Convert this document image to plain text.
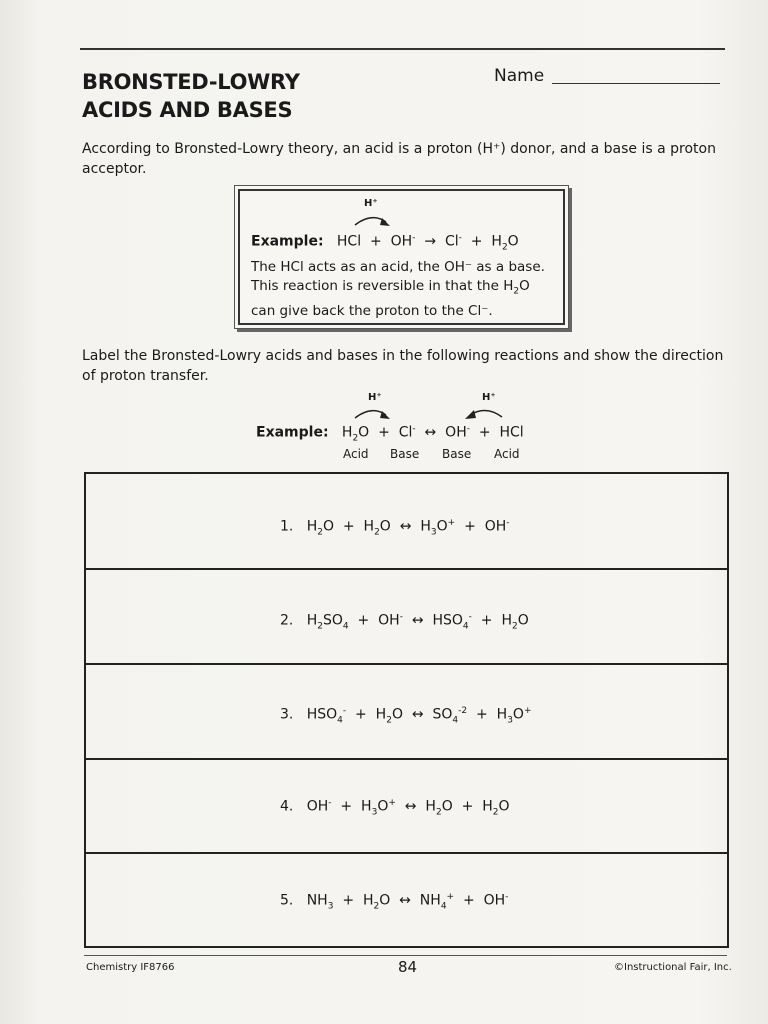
BRONSTED-LOWRY
ACIDS AND BASES
Name
According to Bronsted-Lowry theory, an acid is a proton (H⁺) donor, and a base is a proton acceptor.
H⁺
Example:   HCl  +  $OH^- \to Cl^- + H_2O$
The HCl acts as an acid, the OH⁻ as a base.
This reaction is reversible in that the $H_2O$
can give back the proton to the Cl⁻.
Label the Bronsted-Lowry acids and bases in the following reactions and show the direction of proton transfer.
H⁺	H⁺
Example:   $H_2O + Cl^-$  ↔  OH-  +  HCl
Acid Base Base Acid
1.   $H_2O + H_2O$  ↔  $H_3O^+ + OH^-$
2.   $H_2SO_4 + OH^-$  ↔  $HSO_4^- + H_2O$
3.   $HSO_4^- + H_2O$  ↔  $SO_4^{-2} + H_3O^+$
4.   $OH^- + H_3O^+$  ↔  $H_2O + H_2O$
5.   $NH_3 + H_2O$  ↔  $NH_4^+ + OH^-$
Chemistry IF8766	84	©Instructional Fair, Inc.
